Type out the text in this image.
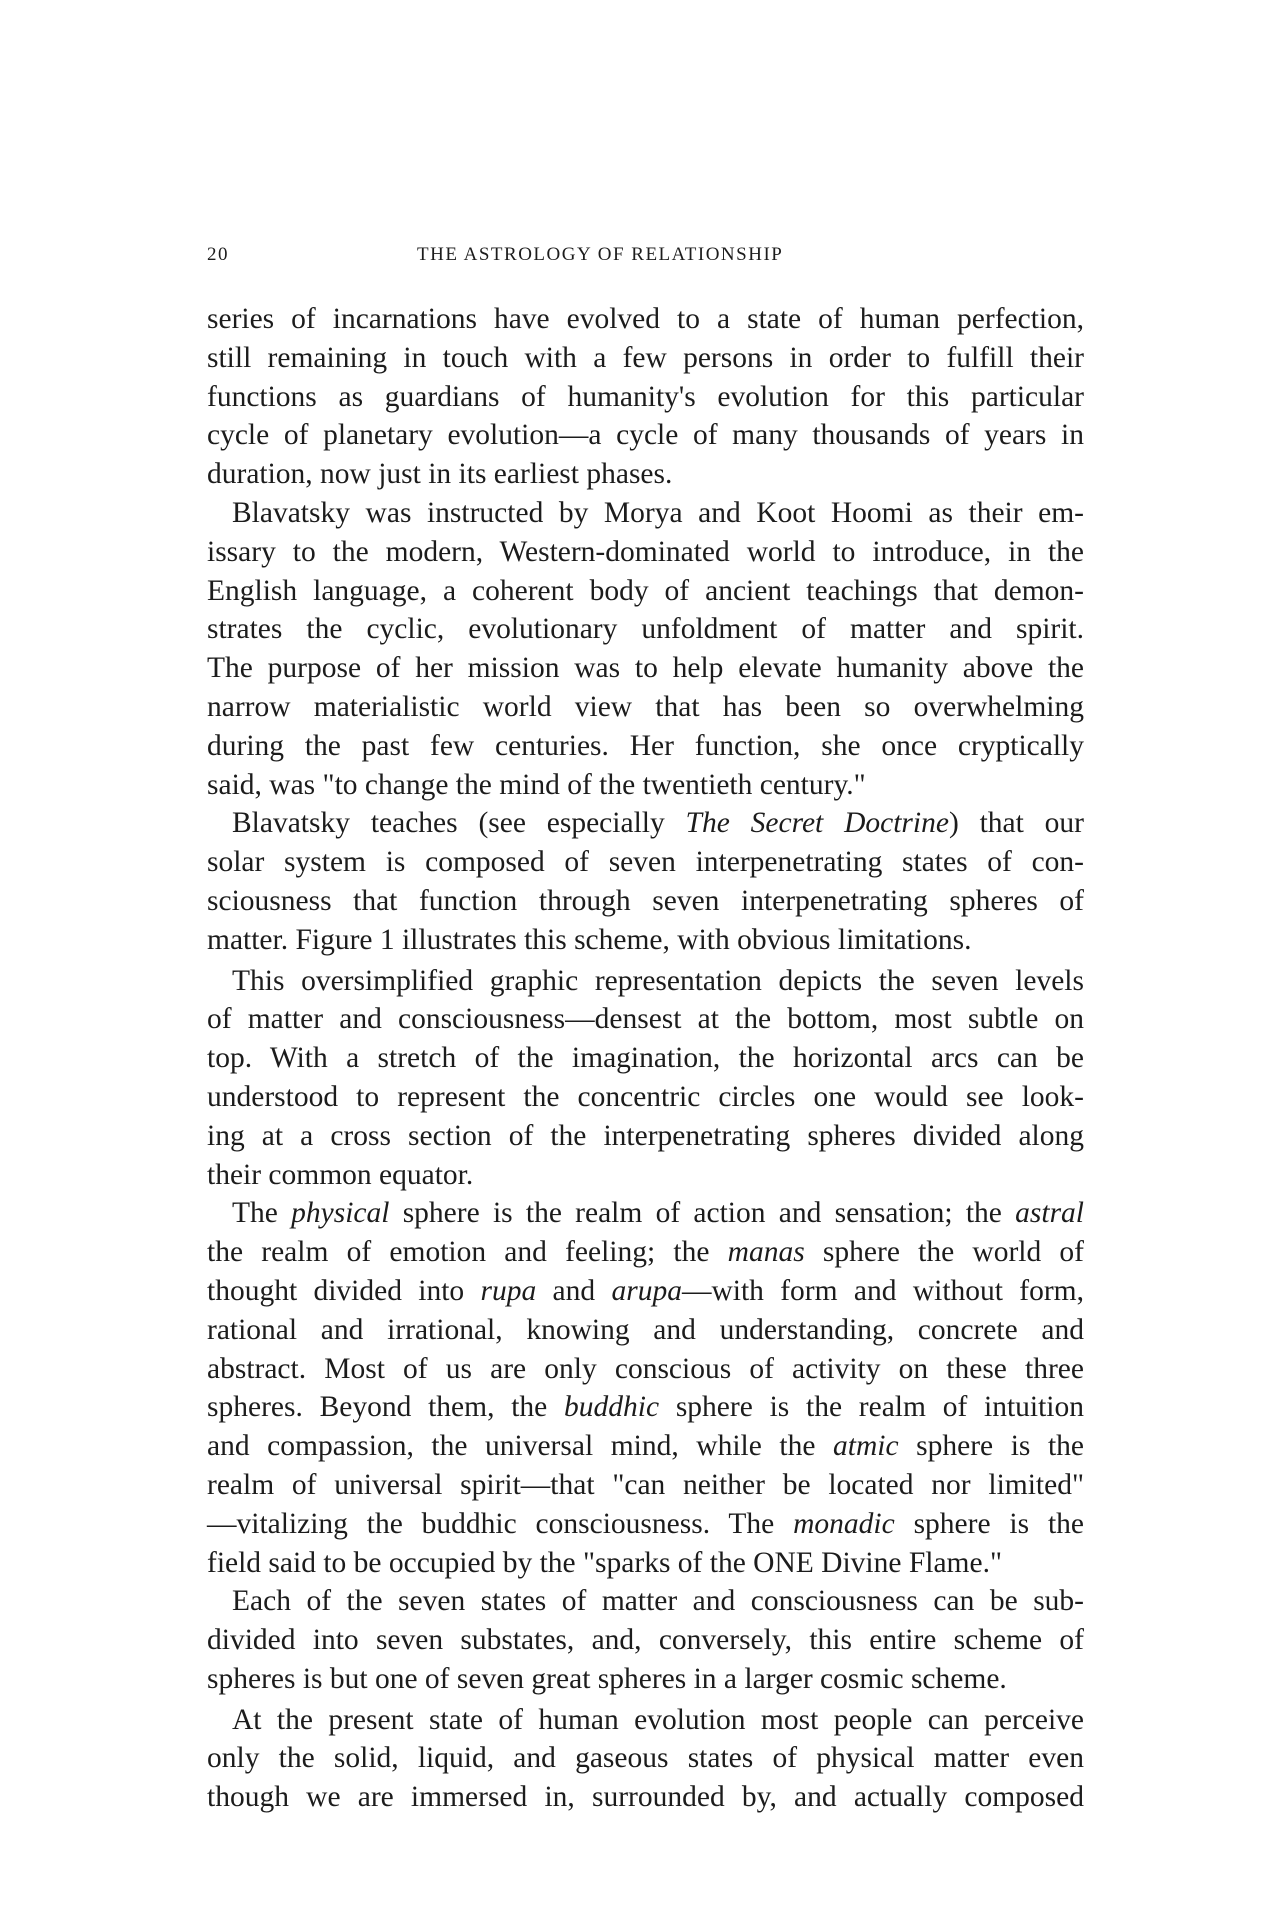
20	THE ASTROLOGY OF RELATIONSHIP

series of incarnations have evolved to a state of human perfection,
still remaining in touch with a few persons in order to fulfill their
functions as guardians of humanity's evolution for this particular
cycle of planetary evolution—a cycle of many thousands of years in
duration, now just in its earliest phases.

Blavatsky was instructed by Morya and Koot Hoomi as their em-
issary to the modern, Western-dominated world to introduce, in the
English language, a coherent body of ancient teachings that demon-
strates the cyclic, evolutionary unfoldment of matter and spirit.
The purpose of her mission was to help elevate humanity above the
narrow materialistic world view that has been so overwhelming
during the past few centuries. Her function, she once cryptically
said, was "to change the mind of the twentieth century."

Blavatsky teaches (see especially The Secret Doctrine) that our
solar system is composed of seven interpenetrating states of con-
sciousness that function through seven interpenetrating spheres of
matter. Figure 1 illustrates this scheme, with obvious limitations.

This oversimplified graphic representation depicts the seven levels
of matter and consciousness—densest at the bottom, most subtle on
top. With a stretch of the imagination, the horizontal arcs can be
understood to represent the concentric circles one would see look-
ing at a cross section of the interpenetrating spheres divided along
their common equator.

The physical sphere is the realm of action and sensation; the astral
the realm of emotion and feeling; the manas sphere the world of
thought divided into rupa and arupa—with form and without form,
rational and irrational, knowing and understanding, concrete and
abstract. Most of us are only conscious of activity on these three
spheres. Beyond them, the buddhic sphere is the realm of intuition
and compassion, the universal mind, while the atmic sphere is the
realm of universal spirit—that "can neither be located nor limited"
—vitalizing the buddhic consciousness. The monadic sphere is the
field said to be occupied by the "sparks of the ONE Divine Flame."

Each of the seven states of matter and consciousness can be sub-
divided into seven substates, and, conversely, this entire scheme of
spheres is but one of seven great spheres in a larger cosmic scheme.

At the present state of human evolution most people can perceive
only the solid, liquid, and gaseous states of physical matter even
though we are immersed in, surrounded by, and actually composed
